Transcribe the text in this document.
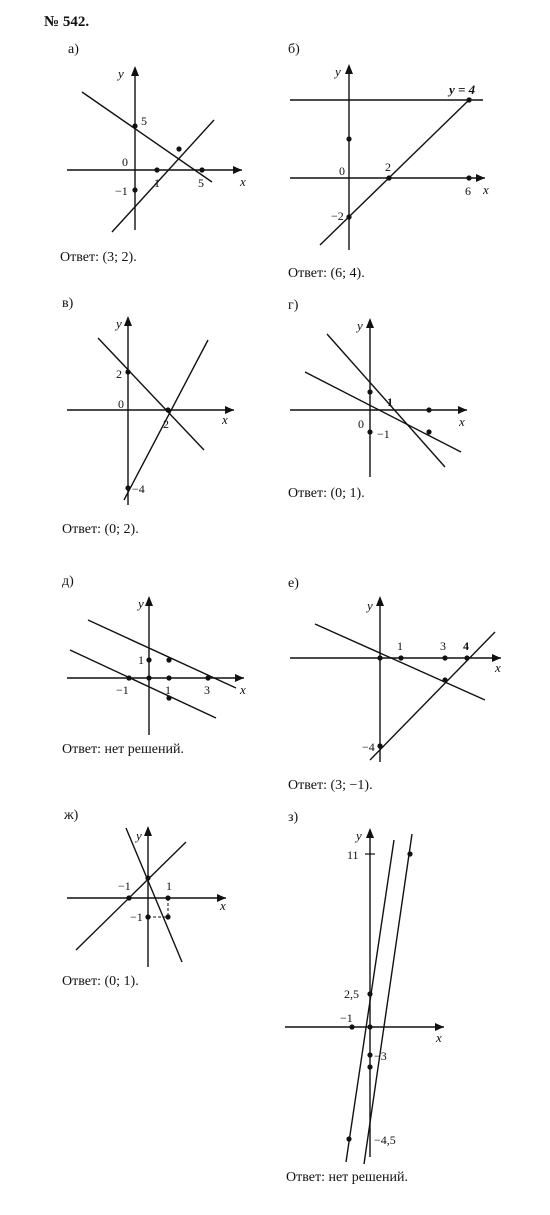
№ 542.
а)
x
y
5
0
−1
1	5
Ответ: (3; 2).
б)
x
y
y = 4
0	2
−2
6
Ответ: (6; 4).
в)
x
y
2
0
2
−4
Ответ: (0; 2).
г)
x
y
1
0
−1
Ответ: (0; 1).
д)
x
y
1
−1	1	3
Ответ: нет решений.
е)
x
y
1	3 4
−4
Ответ: (3; −1).
ж)
x
y
−1	1
−1
Ответ: (0; 1).
з)
x
y
11
2,5
−1
−3
−4,5
Ответ: нет решений.
